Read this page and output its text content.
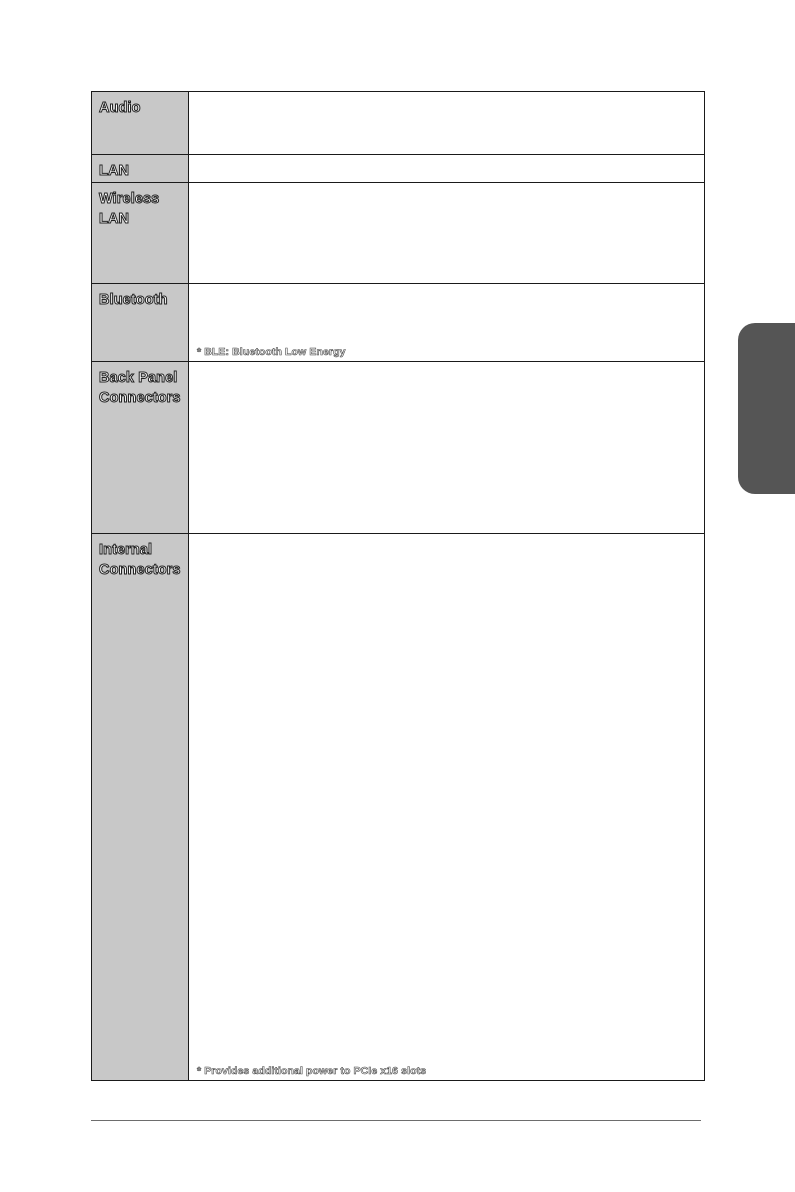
Audio
LAN
Wireless
LAN
Bluetooth
* BLE: Bluetooth Low Energy
Back Panel
Connectors
Internal
Connectors
* Provides additional power to PCIe x16 slots
